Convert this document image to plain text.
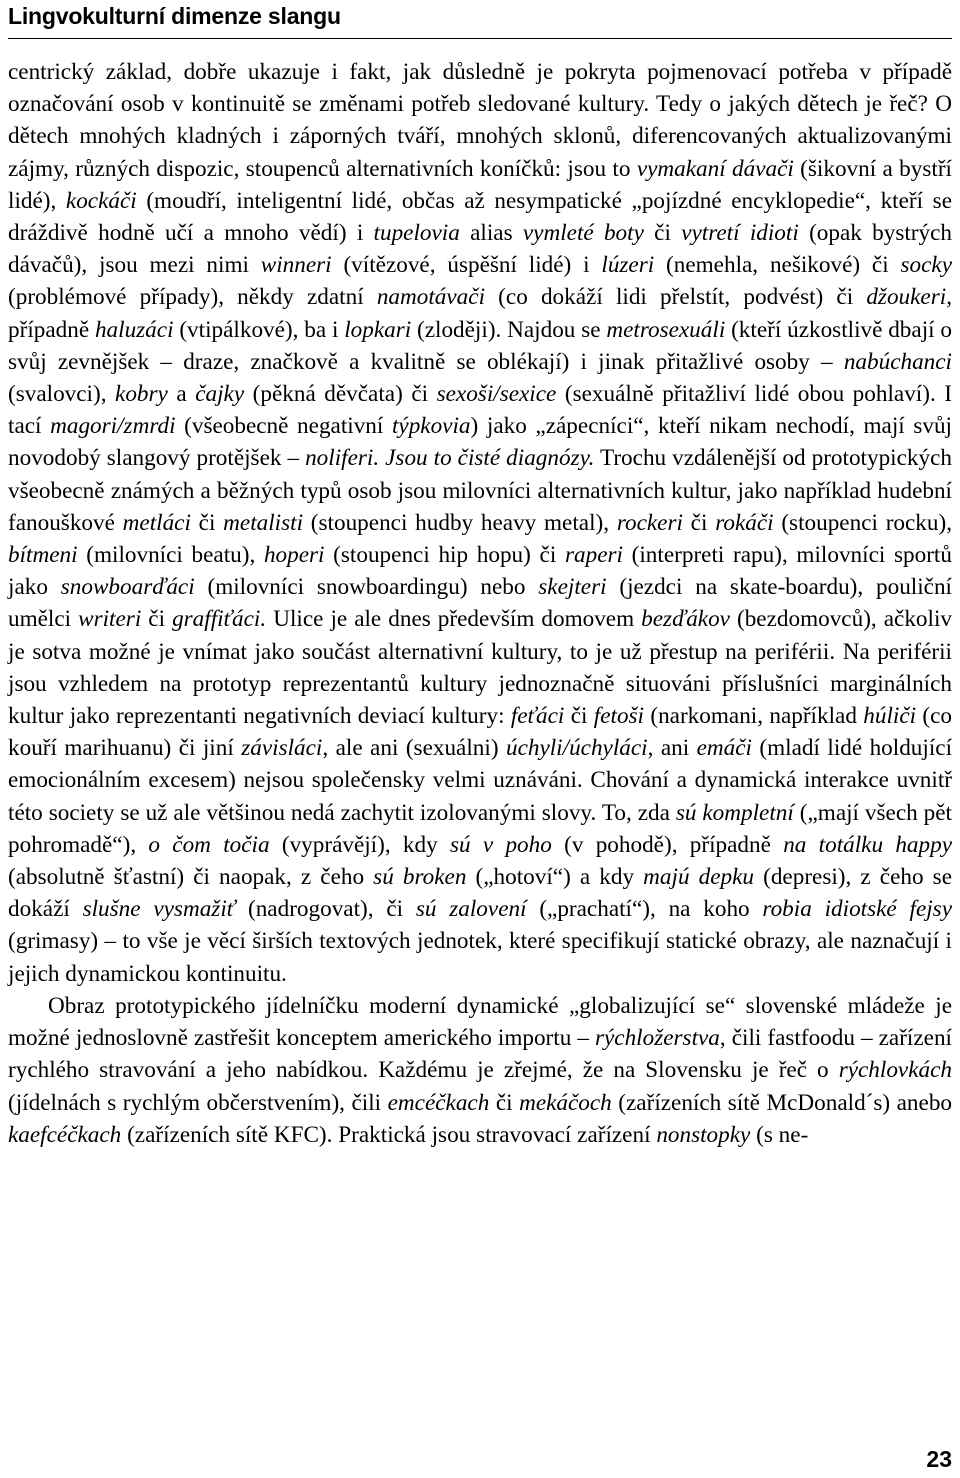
Lingvokulturní dimenze slangu

centrický základ, dobře ukazuje i fakt, jak důsledně je pokryta pojmenovací potřeba v případě označování osob v kontinuitě se změnami potřeb sledované kultury. Tedy o jakých dětech je řeč? O dětech mnohých kladných i záporných tváří, mnohých sklonů, diferencovaných aktualizovanými zájmy, různých dispozic, stoupenců alternativních koníčků: jsou to vymakaní dávači (šikovní a bystří lidé), kockáči (moudří, inteligentní lidé, občas až nesympatické „pojízdné encyklopedie“, kteří se dráždivě hodně učí a mnoho vědí) i tupelovia alias vymleté boty či vytretí idioti (opak bystrých dávačů), jsou mezi nimi winneri (vítězové, úspěšní lidé) i lúzeri (nemehla, nešikové) či socky (problémové případy), někdy zdatní namotávači (co dokáží lidi přelstít, podvést) či džoukeri, případně haluzáci (vtipálkové), ba i lopkari (zloději). Najdou se metrosexuáli (kteří úzkostlivě dbají o svůj zevnějšek – draze, značkově a kvalitně se oblékají) i jinak přitažlivé osoby – nabúchanci (svalovci), kobry a čajky (pěkná děvčata) či sexoši/sexice (sexuálně přitažliví lidé obou pohlaví). I tací magori/zmrdi (všeobecně negativní týpkovia) jako „zápecníci“, kteří nikam nechodí, mají svůj novodobý slangový protějšek – noliferi. Jsou to čisté diagnózy. Trochu vzdálenější od prototypických všeobecně známých a běžných typů osob jsou milovníci alternativních kultur, jako například hudební fanouškové metláci či metalisti (stoupenci hudby heavy metal), rockeri či rokáči (stoupenci rocku), bítmeni (milovníci beatu), hoperi (stoupenci hip hopu) či raperi (interpreti rapu), milovníci sportů jako snowboarďáci (milovníci snowboardingu) nebo skejteri (jezdci na skate-boardu), pouliční umělci writeri či graffiťáci. Ulice je ale dnes především domovem bezďákov (bezdomovců), ačkoliv je sotva možné je vnímat jako součást alternativní kultury, to je už přestup na periférii. Na periférii jsou vzhledem na prototyp reprezentantů kultury jednoznačně situováni příslušníci marginálních kultur jako reprezentanti negativních deviací kultury: feťáci či fetoši (narkomani, například húliči (co kouří marihuanu) či jiní závisláci, ale ani (sexuálni) úchyli/úchyláci, ani emáči (mladí lidé holdující emocionálním excesem) nejsou společensky velmi uznáváni. Chování a dynamická interakce uvnitř této society se už ale většinou nedá zachytit izolovanými slovy. To, zda sú kompletní („mají všech pět pohromadě“), o čom točia (vyprávějí), kdy sú v poho (v pohodě), případně na totálku happy (absolutně šťastní) či naopak, z čeho sú broken („hotoví“) a kdy majú depku (depresi), z čeho se dokáží slušne vysmažiť (nadrogovat), či sú zalovení („prachatí“), na koho robia idiotské fejsy (grimasy) – to vše je věcí širších textových jednotek, které specifikují statické obrazy, ale naznačují i jejich dynamickou kontinuitu.

Obraz prototypického jídelníčku moderní dynamické „globalizující se“ slovenské mládeže je možné jednoslovně zastřešit konceptem amerického importu – rýchložerstva, čili fastfoodu – zařízení rychlého stravování a jeho nabídkou. Každému je zřejmé, že na Slovensku je řeč o rýchlovkách (jídelnách s rychlým občerstvením), čili emcéčkach či mekáčoch (zařízeních sítě McDonald´s) anebo kaefcéčkach (zařízeních sítě KFC). Praktická jsou stravovací zařízení nonstopky (s ne-

23
